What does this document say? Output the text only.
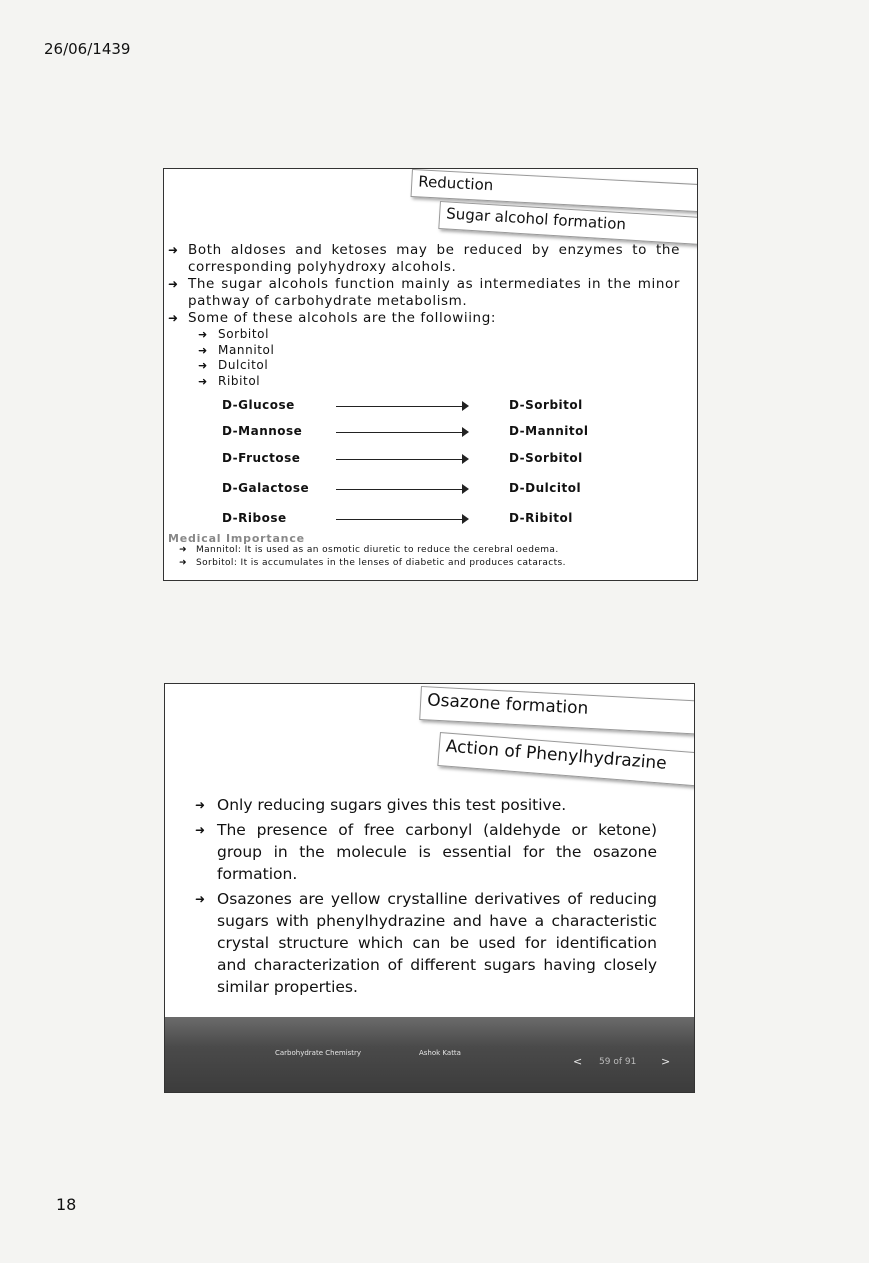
26/06/1439
Reduction
Sugar alcohol formation
➜ Both aldoses and ketoses may be reduced by enzymes to the corresponding polyhydroxy alcohols.
➜ The sugar alcohols function mainly as intermediates in the minor pathway of carbohydrate metabolism.
➜ Some of these alcohols are the followiing:
➜ Sorbitol
➜ Mannitol
➜ Dulcitol
➜ Ribitol
D-Glucose	D-Sorbitol
D-Mannose	D-Mannitol
D-Fructose	D-Sorbitol
D-Galactose	D-Dulcitol
D-Ribose	D-Ribitol
Medical Importance
➜ Mannitol: It is used as an osmotic diuretic to reduce the cerebral oedema.
➜ Sorbitol: It is accumulates in the lenses of diabetic and produces cataracts.
Osazone formation
Action of Phenylhydrazine
➜ Only reducing sugars gives this test positive.
➜ The presence of free carbonyl (aldehyde or ketone) group in the molecule is essential for the osazone formation.
➜ Osazones are yellow crystalline derivatives of reducing sugars with phenylhydrazine and have a characteristic crystal structure which can be used for identification and characterization of different sugars having closely similar properties.
Carbohydrate Chemistry	Ashok Katta
< 59 of 91 >
18
